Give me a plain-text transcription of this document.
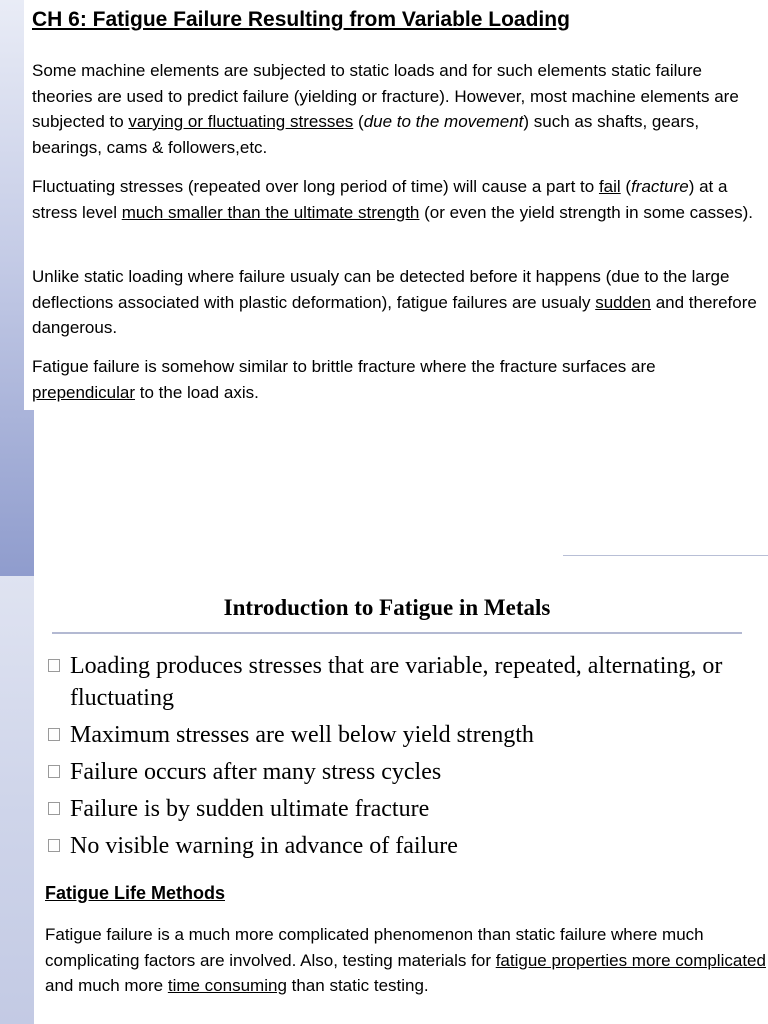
CH 6: Fatigue Failure Resulting from Variable Loading

Some machine elements are subjected to static loads and for such elements static failure theories are used to predict failure (yielding or fracture). However, most machine elements are subjected to varying or fluctuating stresses (due to the movement) such as shafts, gears, bearings, cams & followers,etc.

Fluctuating stresses (repeated over long period of time) will cause a part to fail (fracture) at a stress level much smaller than the ultimate strength (or even the yield strength in some casses).

Unlike static loading where failure usualy can be detected before it happens (due to the large deflections associated with plastic deformation), fatigue failures are usualy sudden and therefore dangerous.

Fatigue failure is somehow similar to brittle fracture where the fracture surfaces are prependicular to the load axis.

Introduction to Fatigue in Metals
Loading produces stresses that are variable, repeated, alternating, or fluctuating
Maximum stresses are well below yield strength
Failure occurs after many stress cycles
Failure is by sudden ultimate fracture
No visible warning in advance of failure
Fatigue Life Methods

Fatigue failure is a much more complicated phenomenon than static failure where much complicating factors are involved. Also, testing materials for fatigue properties more complicated and much more time consuming than static testing.
